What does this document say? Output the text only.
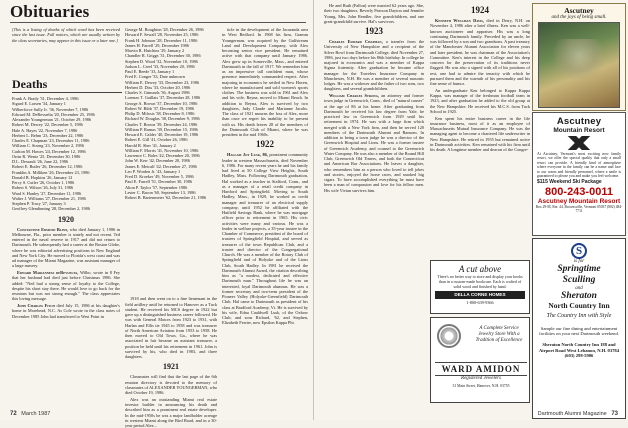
Obituaries

[This is a listing of deaths of which word has been received since the last issue. Full notices, which are usually written by the class secretaries, may appear in this issue or a later one.]

Deaths
Frank A. Brady '31, December 4, 1986
Sigurd E. Larsen '34, January 1
Wilberforce Sully Jr. '36, November 7, 1986
Edward M. DeRevuelta '20, December 25, 1986
Alexander Youngerman '21, October 29, 1986
Robert M. Dewey '22, December 5, 1986
Hale A. Hayes '22, November 7, 1986
Herbert L. Behm '23, December 22, 1986
Charles E. Chapman '23, December 11, 1986
William C. Strong '23, November 2, 1986
Carlton M. Hawes '24, December 12, 1986
Orrin R. Wentz '25, December 30, 1986
D.L. Dessault '26, June 22, 1986
Robert E. Butler '26, December 12, 1986
Franklin A. Milliken '26, December 23, 1986
Donald B. Hopkins '26, January 12
Percy S. Cutler '26, October 1, 1986
Robert S. Wilson '26, July 31, 1986
Ward S. Hanley '27, December 11, 1986
Walter J. Williams '27, December 21, 1986
Stephen P. Tracy '27, January 3
Geoffrey Glendinning '28, December 2, 1986
1920

Constantine Edmund Blinn, who died January 1, 1986 in Melbourne, Fla., prior member is stately and not recent. Ted entered in the naval reserve in 1917 and did not return to Dartmouth. He subsequently had a career at the Boston Globe, where he was editorial advertising positions in New England and New York City. He moved to Florida's west coast and was ad manager of the Miami Magazine, was assistant manager of a large nursery.

Edward Marianness deRevuelta, Wilbo, wrote in 8 Fey that her husband had died just before Christmas 1986. She added: "Ned had a strong sense of loyalty to the College, despite his short stay there. He would love to go back for the reunions but was not strong enough." The class appreciates this loving message.

John Charles Fitch died July 15, 1986 at his daughter's home in Morehead, N.C. As Cole wrote in the class notes of December 1985 John had transferred to West Point in

George M. Boughton '28, December 26, 1986
Howard F. Sewall '28, November 25, 1986
Frank H. Johnson '28, December 11, 1986
James H. Farrell '29, December 1986
Marvin R. Hutchins '29, January 2
Chandler R. Griggs '31, December 30, 1986
Stephen D. Wood '32, November 10, 1986
Judson L. Creel '33, November 20, 1986
Paul E. Beede '33, January 1
Fred E. Conger '33, Date unknown
William E. Dewey '33, December 23, 1986
Herbert D. Diss '33, October 20, 1986
Charles S. Gimunds '36, August 1986
Lorenzo T. Gaillais '37, December 28, 1986
George A. Brown '37, December 10, 1986
Robert W. Bibb '37, December 19, 1986
Philip D. Milosis '38, December 8, 1986
Richard W. Douglas '38, December 9, 1986
Charles T. Brown '39, December 24, 1986
William P. Ramas '39, December 15, 1986
Howard E. Calder '40, December 19, 1986
Robert E. Gill '41, October 26, 1986
Harold R. Sher '41, January 2
William F. Morris '41, November 10, 1986
Lawrence C. Bales '42, December 20, 1986
John W. Kerr '42, December 20, 1986
James E. Metcalf '42, December 27, 1986
Leo P. Worden Jr. '43, January 1
Fred D. Kroeker '49, November 5, 1986
Paul E. Farrell '51, December 30, 1986
Alton P. Taylor '57, September 1986
Lester C. Bacon '60, September 13, 1986
Robert B. Bartenmeier '62, December 21, 1986

1918 and then went on to a fine lieutenant in the field artillery until he returned to Hanover as a Tuck student. He received his MCS degree in 1922 but gave up a distinguished business career followed. He was with General Motors from 1923 to 1931, with Harlan and Ellis tie 1945 to 1958 and was treasurer of North American Aviation from 1953 to 1958. He then moved to Old Town, Ga., where he was associated in fair became an assistant treasurer, a position he held until his retirement in 1961. John is survived by his, who died in 1983, and three daughters.

1921

Classmates will find that the last page of the 6th reunion directory is devoted to the memory of classmates of ALEXANDER YOUNGERMAN, who died October 19, 1986.

Alex was an outstanding Miami real estate investor builder in announcing his death and described him as a prominent real estate developer. In the mid-1950s he was a major landholder acreage in western Miami along the Bird Road, and in a 30-year period Alex...

ticle in the development of the Jacaranda area in West Bedford. In 1968 his firm, Gramm Youngerman, was acquired by the Gulfstream Land and Development Company, with Alex becoming senior vice president. He remained active with that company until January 1986. Alex grew up in Somerville, Mass., and entered Dartmouth in the fall of 1917. We remember him as an impressive tall confident man, whose presence immediately commanded respect. After majoring in economics he settled in New Haven, where he manufactured and sold women's sports clothes. The business was sold in 1961 and Alex and his wife, Reyna, moved to Miami Beach. In addition to Reyna, Alex is survived by two daughters, Judy Claude and Marianne Jacobs. The class of 1921 mourns the loss of Alex, more than once we regret his inability to be present with us. His death leaves 28 of the members of the Dartmouth Club of Miami, where he was president in the mid 1960s.

1922

Hallam Joy Lusk, 86, prominent community leader in western Massachusetts, died November 6, 1986. For many recent years he and his family had lived at 50 College View Heights, South Hadley, Mass. Following Dartmouth graduation, Hal worked as a teacher in Stafford, Conn., and as a manager of a retail credit company in Hartford and Springfield. Moving to South Hadley, Mass., in 1929, he worked as credit manager and treasurer of an electrical supply company, until 1952 he affiliated with the Hatfield Savings Bank, where he was mortgage officer prior to retirement in 1965. His civic activities were many and various. He was a leader in welfare projects, a 35-year trustee in the Chamber of Commerce, president of the board of trustees of Springfield Hospital, and served as treasurer of the town Republican Club, and a trustee and director of the Congregational Church. He was a member of the Rotary Club of Springfield and of Holyoke and of the Lions Club, South Hadley. In 1981 he received the Dartmouth Alumni Award, the citation describing him as "a modest, dedicated and effective Dartmouth man." Throughout life he was an interested, loyal Dartmouth alumnus. He was a former secretary and two-term president of the Pioneer Valley (Holyoke-Greenfield) Dartmouth Club. Hal came to Dartmouth as president of his class at Bradford Academy, Vt. He is survived by his wife, Edna Cauldwell Lusk, of the Oxbow Club; and sons Richard, '62, and Stephen, Elizabeth Ferrier, now Epsilon Kappa Phi.

72 March 1987

He and Ruth (Fallon) were married 62 years ago. She, their two daughters, Beverly Pearson Dayton and Jennifer Young, Mrs. John Rendler, five grandchildren, and one great-grandchild survive. Hal's survivors.

1923

Charles Edward Chapman, a transfer from the University of New Hampshire and a recipient of the Silver Bowl from Dartmouth College, died November 27, 1986, just two days before his 86th birthday. In college he majored in economics and was a member of Kappa Sigma fraternity. After graduation he became office manager for the Travelers Insurance Company in Manchester, N.H. He was a member of several masonic lodges. He was a widower and the father of two sons, two daughters, and several grandchildren.

William Charles Strong, an attorney and former town judge in Greenwich, Conn., died of "natural causes" at the age of 86 at his home. After graduating from Dartmouth he received his law degree from Yale, he practiced law in Greenwich from 1929 until his retirement in 1974. He was with a large firm which merged with a New York firm, and then he served 120 members of the Dartmouth Alumni and Ransom. In addition to being a town judge he was a director of the Greenwich Hospital and Lions. He was a former trustee of Greenwich Academy, and counsel to the Greenwich Water Company. He was also a member of the Round Hill Club, Greenwich Old Timers, and both the Connecticut and American Bar Associations. He leaves a daughter, who remembers him as a person who loved to tell jokes and stories, enjoyed the horse races, and smoked big cigars. To have accomplished everything he must have been a man of compassion and love for his fellow men. His wife Vivian survives him.

1924

Kenneth Wellman Davis, died in Derry, N.H. on November 4, 1986 after a brief illness. Ken was a well-known auctioneer and appraiser. His was a long continuing Dartmouth family. Preceded by an uncle, he was followed by a son and two grandsons. A past treasury of the Manchester Alumni Association for eleven years and later president, he was chairman of the Association's Committee. Ken's interest in the College and his deep concern for the preservation of its traditions never flagged. He was also a signed with all of his positions of rest, one had to admire the tenacity with which he pursued them and the warmth of his personality and his fine sense of humor.

An undergraduate Ken belonged to Kappa Kappa Kappa, was manager of the freshman football team in 1923, and after graduation he added to the old group at the New Hampshire. He received his M.C.S. from Tuck School in 1925.

Ken spent his entire business career in the life insurance business, most of it as an employee of Massachusetts Mutual Insurance Company. He was the managing agent to become a chartered life underwriter in New Hampshire. He retired in 1955 but remained active in Dartmouth activities. Ken remained with his firm until his death. A longtime member and deacon of the Congre-

A cut above
There's no better way to store and display your books than in a custom-made bookcase. Each is crafted of solid wood and finished by hand.
DELLA CORNE HOMES
1-800-639-9366
A Complete Service Jewelry Store With a Tradition of Excellence
WARD AMIDON
Registered Jewelers
31 Main Street, Hanover, N.H. 03755
Ascutney
and the joys of being small.
Ascutney
Mountain Resort
At Ascutney, Vermont's most exciting new family resort, we offer the special quality that only a small resort can provide. A friendly kind of atmosphere where everyone in the family can be a name and face to our warm and friendly personnel, where a smile is guaranteed to please you and make you feel welcome.
$115 Weekend Ski Package
800-243-0011
Ascutney Mountain Resort
Box 29-M, Rte. 44, Brownsville, Vermont 05037 (802) 484-7711
S
is for
Springtime
Sculling
and
Sheraton
North Country Inn
The Country Inn with Style
Sample our fine dining and entertainment facilities on your next Dartmouth weekend.
Sheraton North Country Inn 188 and Airport Road West Lebanon, N.H. 03784 (603) 298-5906
Dartmouth Alumni Magazine 73
